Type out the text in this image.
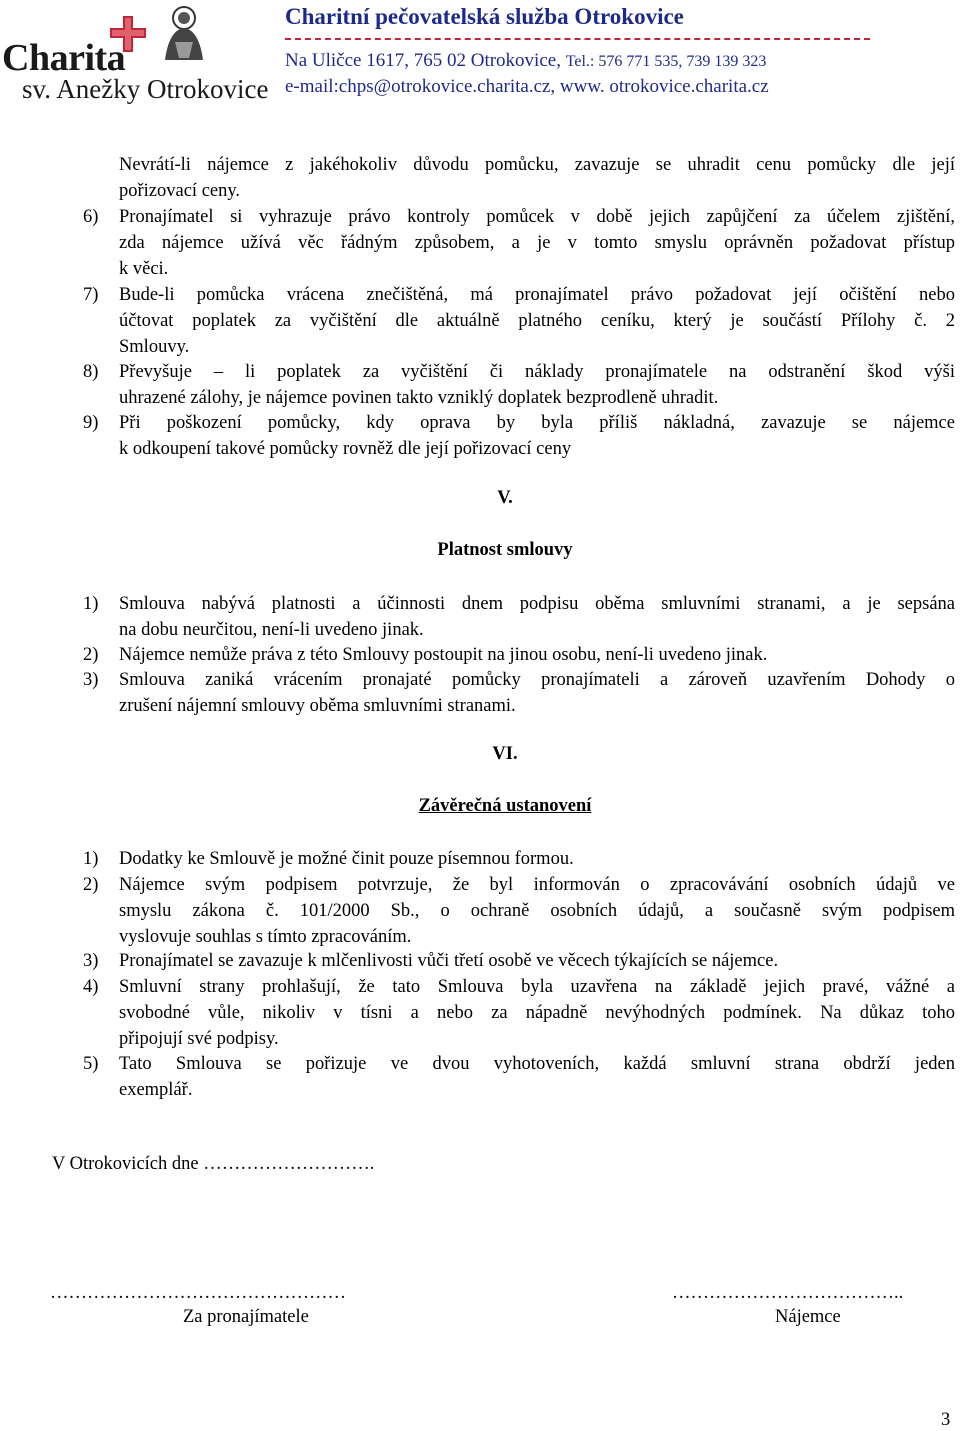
Charita
sv. Anežky Otrokovice
Charitní pečovatelská služba Otrokovice
Na Uličce 1617, 765 02 Otrokovice, Tel.: 576 771 535, 739 139 323
e-mail:chps@otrokovice.charita.cz, www. otrokovice.charita.cz
Nevrátí-li nájemce z jakéhokoliv důvodu pomůcku, zavazuje se uhradit cenu pomůcky dle její
pořizovací ceny.
6) Pronajímatel si vyhrazuje právo kontroly pomůcek v době jejich zapůjčení za účelem zjištění,
zda nájemce užívá věc řádným způsobem, a je v tomto smyslu oprávněn požadovat přístup
k věci.
7) Bude-li pomůcka vrácena znečištěná, má pronajímatel právo požadovat její očištění nebo
účtovat poplatek za vyčištění dle aktuálně platného ceníku, který je součástí Přílohy č. 2
Smlouvy.
8) Převyšuje – li poplatek za vyčištění či náklady pronajímatele na odstranění škod výši
uhrazené zálohy, je nájemce povinen takto vzniklý doplatek bezprodleně uhradit.
9) Při poškození pomůcky, kdy oprava by byla příliš nákladná, zavazuje se nájemce
k odkoupení takové pomůcky rovněž dle její pořizovací ceny
V.
Platnost smlouvy
1) Smlouva nabývá platnosti a účinnosti dnem podpisu oběma smluvními stranami, a je sepsána
na dobu neurčitou, není-li uvedeno jinak.
2) Nájemce nemůže práva z této Smlouvy postoupit na jinou osobu, není-li uvedeno jinak.
3) Smlouva zaniká vrácením pronajaté pomůcky pronajímateli a zároveň uzavřením Dohody o
zrušení nájemní smlouvy oběma smluvními stranami.
VI.
Závěrečná ustanovení
1) Dodatky ke Smlouvě je možné činit pouze písemnou formou.
2) Nájemce svým podpisem potvrzuje, že byl informován o zpracovávání osobních údajů ve
smyslu zákona č. 101/2000 Sb., o ochraně osobních údajů, a současně svým podpisem
vyslovuje souhlas s tímto zpracováním.
3) Pronajímatel se zavazuje k mlčenlivosti vůči třetí osobě ve věcech týkajících se nájemce.
4) Smluvní strany prohlašují, že tato Smlouva byla uzavřena na základě jejich pravé, vážné a
svobodné vůle, nikoliv v tísni a nebo za nápadně nevýhodných podmínek. Na důkaz toho
připojují své podpisy.
5) Tato Smlouva se pořizuje ve dvou vyhotoveních, každá smluvní strana obdrží jeden
exemplář.
V Otrokovicích dne ……………………….
…………………………………………
Za pronajímatele
………………………………..
Nájemce
3
